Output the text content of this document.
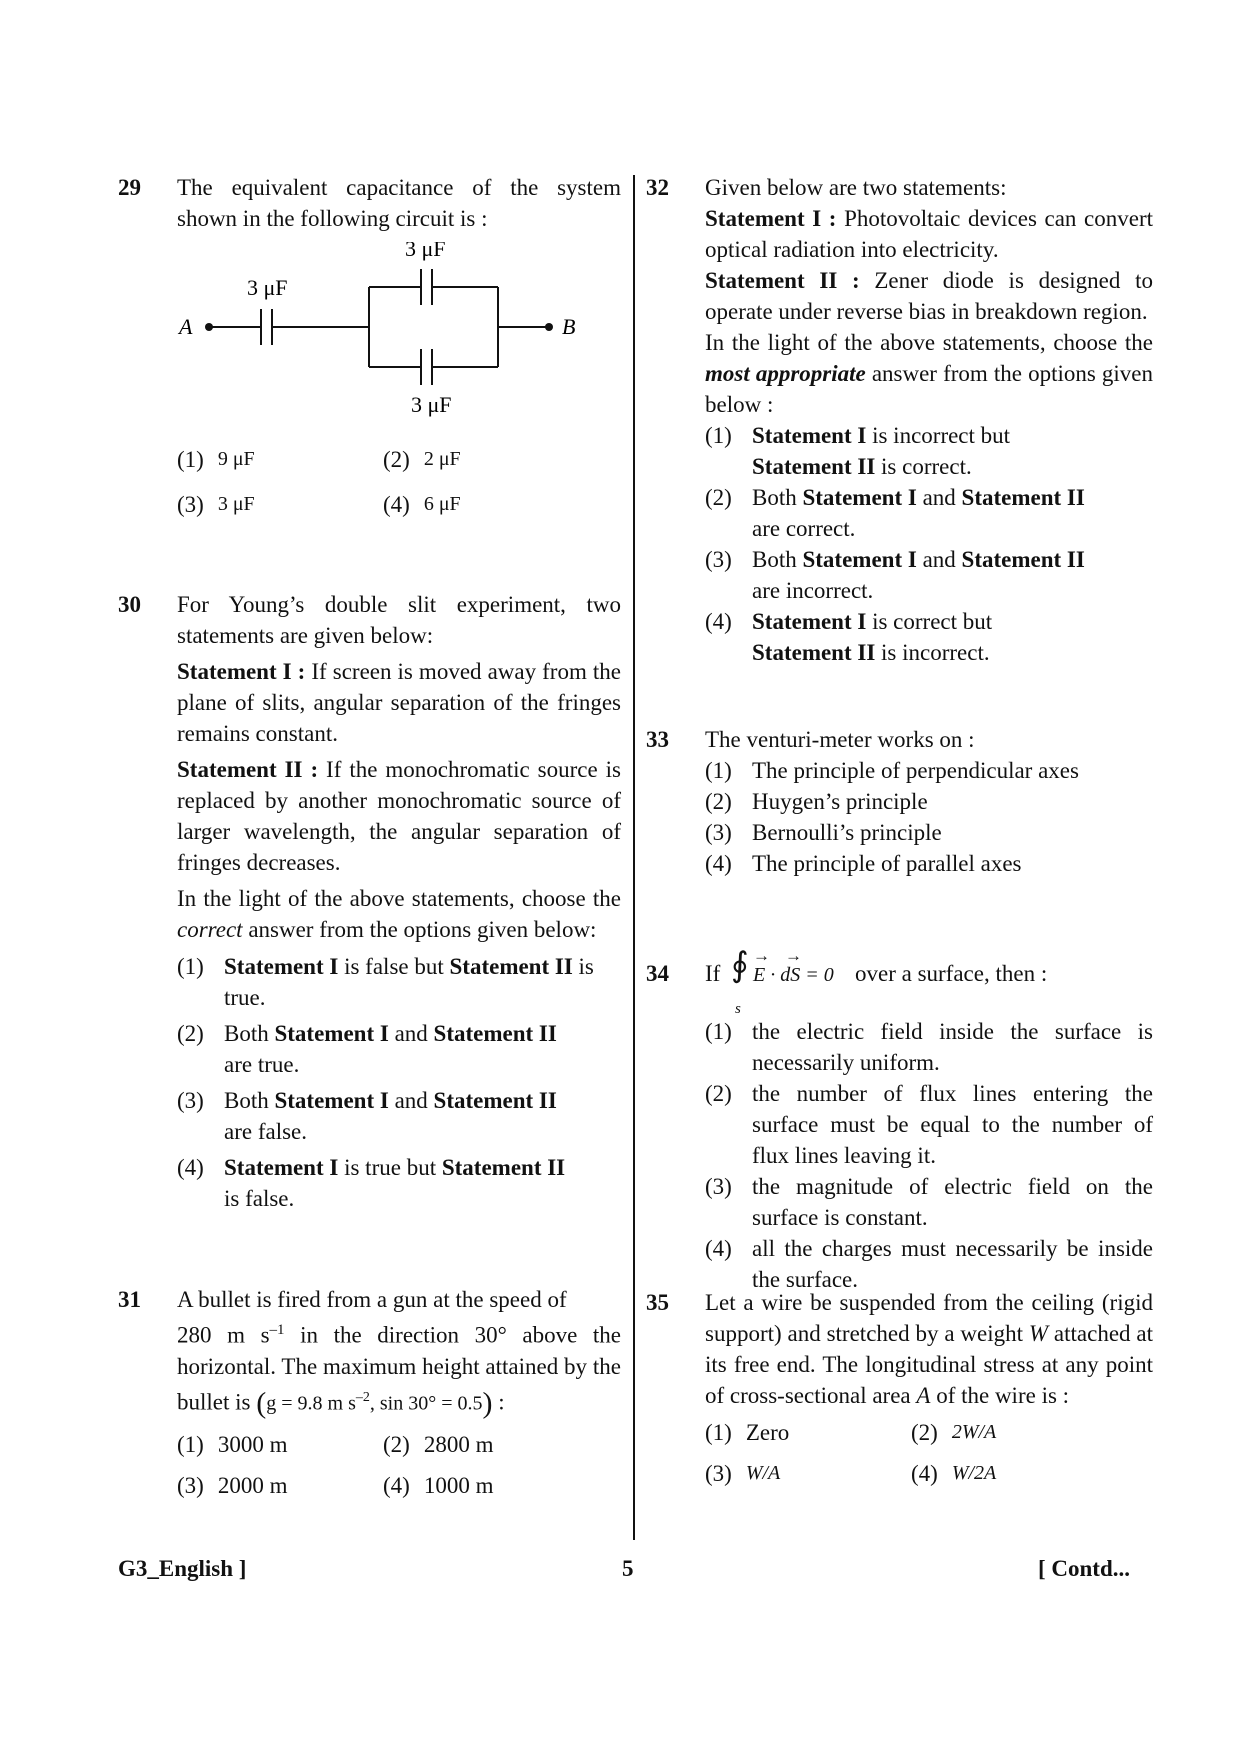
29 The equivalent capacitance of the system shown in the following circuit is :

A	B
3 μF
3 μF
3 μF
(1) 9 μF	(2) 2 μF
(3) 3 μF	(4) 6 μF
30 For Young’s double slit experiment, two statements are given below:

Statement I : If screen is moved away from the plane of slits, angular separation of the fringes remains constant.

Statement II : If the monochromatic source is replaced by another monochromatic source of larger wavelength, the angular separation of fringes decreases.

In the light of the above statements, choose the correct answer from the options given below:

(1) Statement I is false but Statement II is true.
(2) Both Statement I and Statement II
are true.
(3) Both Statement I and Statement II
are false.
(4) Statement I is true but Statement II
is false.
31 A bullet is fired from a gun at the speed of
280 m $s^{-1}$ in the direction 30° above the horizontal. The maximum height attained by the bullet is (g = 9.8 m $s^{-2}$, sin 30° = 0.5) :

(1) 3000 m	(2) 2800 m
(3) 2000 m	(4) 1000 m
32 Given below are two statements:

Statement I : Photovoltaic devices can convert optical radiation into electricity.

Statement II : Zener diode is designed to operate under reverse bias in breakdown region.

In the light of the above statements, choose the most appropriate answer from the options given below :

(1) Statement I is incorrect but
Statement II is correct.
(2) Both Statement I and Statement II
are correct.
(3) Both Statement I and Statement II
are incorrect.
(4) Statement I is correct but
Statement II is incorrect.
33 The venturi-meter works on :

(1) The principle of perpendicular axes
(2) Huygen’s principle
(3) Bernoulli’s principle
(4) The principle of parallel axes
34 If ∮
s
→ →
E · dS = 0 over a surface, then :
(1) the electric field inside the surface is necessarily uniform.
(2) the number of flux lines entering the surface must be equal to the number of flux lines leaving it.
(3) the magnitude of electric field on the surface is constant.
(4) all the charges must necessarily be inside the surface.
35 Let a wire be suspended from the ceiling (rigid support) and stretched by a weight W attached at its free end. The longitudinal stress at any point of cross-sectional area A of the wire is :

(1) Zero	(2) 2W/A
(3) W/A	(4) W/2A
G3_English ]	5	[ Contd...
